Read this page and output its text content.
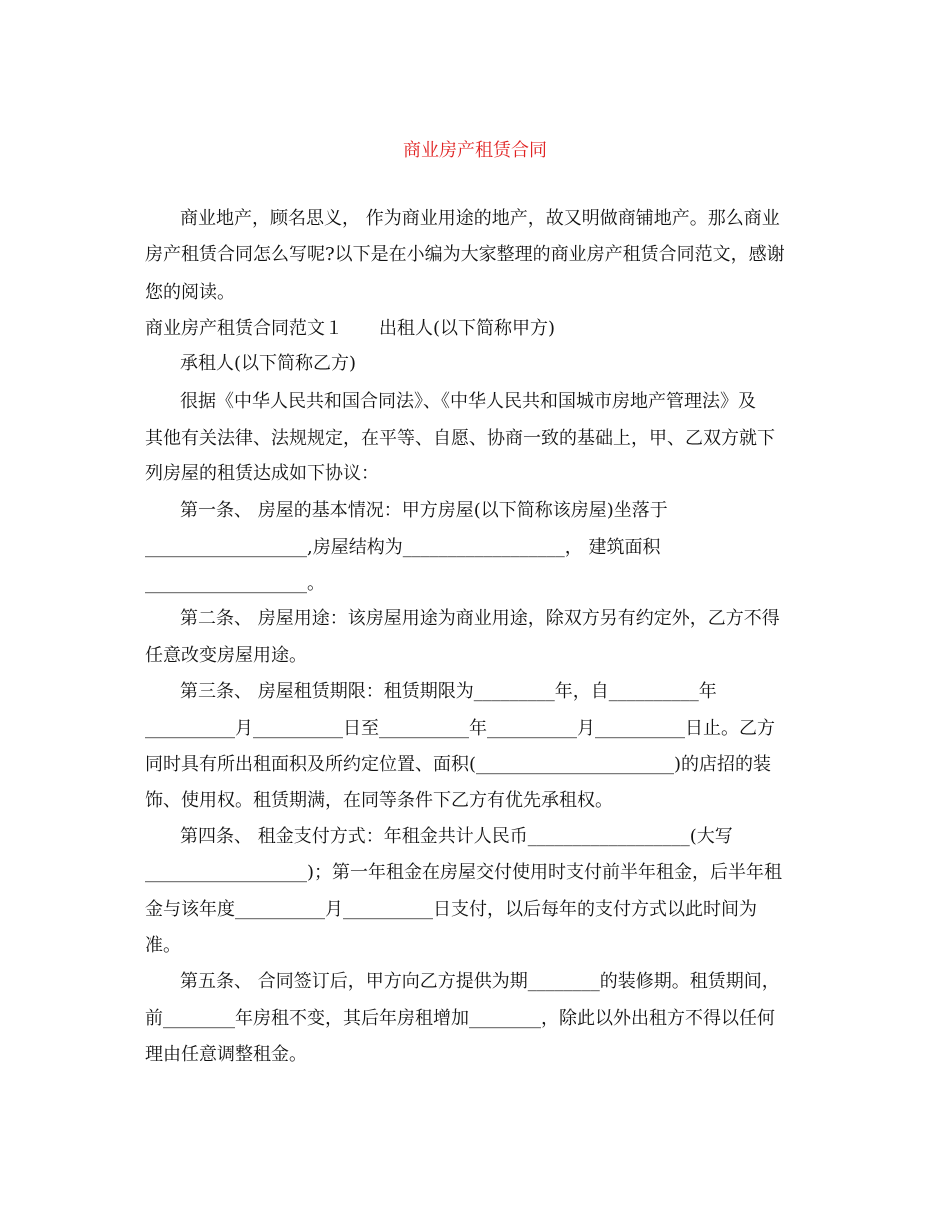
商业房产租赁合同
商业地产，顾名思义， 作为商业用途的地产，故又明做商铺地产。那么商业
房产租赁合同怎么写呢?以下是在小编为大家整理的商业房产租赁合同范文，感谢
您的阅读。
商业房产租赁合同范文１　　出租人(以下简称甲方)
承租人(以下简称乙方)
很据《中华人民共和国合同法》、《中华人民共和国城市房地产管理法》及
其他有关法律、法规规定，在平等、自愿、协商一致的基础上，甲、乙双方就下
列房屋的租赁达成如下协议：
第一条、 房屋的基本情况：甲方房屋(以下简称该房屋)坐落于
__________________,房屋结构为__________________， 建筑面积
__________________。
第二条、 房屋用途：该房屋用途为商业用途，除双方另有约定外，乙方不得
任意改变房屋用途。
第三条、 房屋租赁期限：租赁期限为_________年，自__________年
__________月__________日至__________年__________月__________日止。乙方
同时具有所出租面积及所约定位置、面积(______________________)的店招的装
饰、使用权。租赁期满，在同等条件下乙方有优先承租权。
第四条、 租金支付方式：年租金共计人民币__________________(大写
__________________)；第一年租金在房屋交付使用时支付前半年租金，后半年租
金与该年度__________月__________日支付，以后每年的支付方式以此时间为
准。
第五条、 合同签订后，甲方向乙方提供为期________的装修期。租赁期间，
前________年房租不变，其后年房租增加________，除此以外出租方不得以任何
理由任意调整租金。
